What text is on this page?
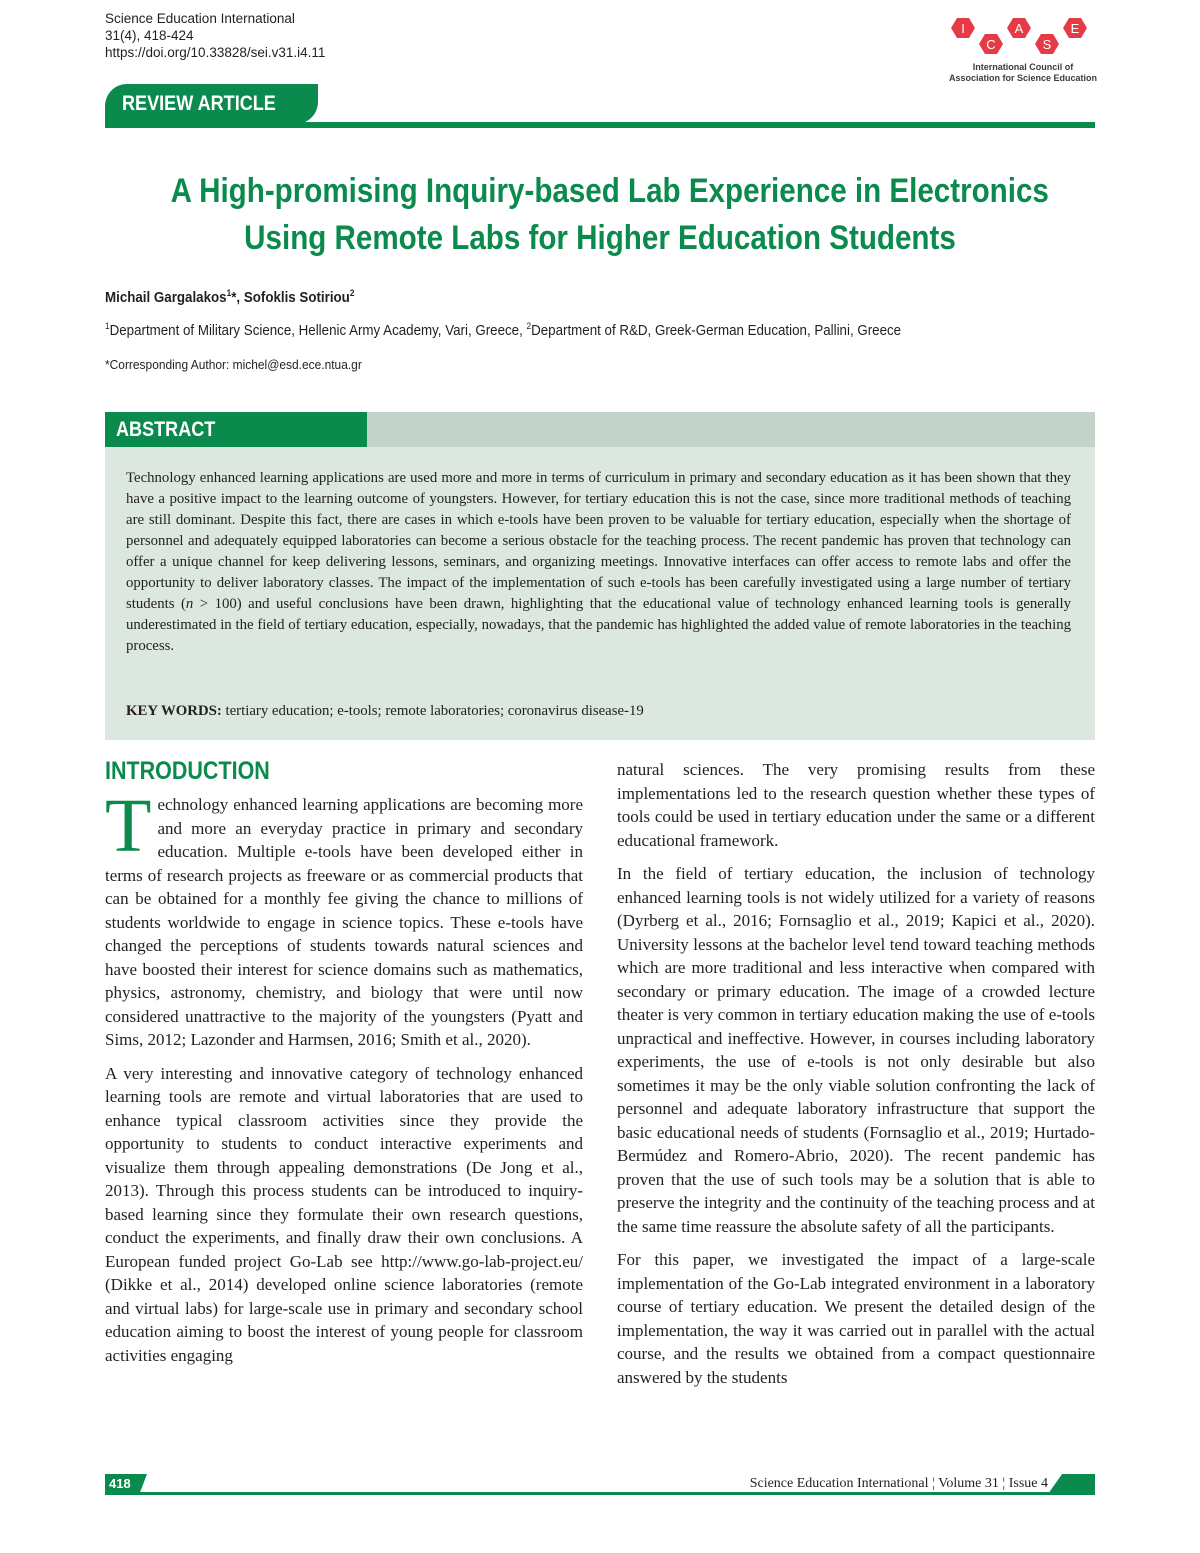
Science Education International
31(4), 418-424
https://doi.org/10.33828/sei.v31.i4.11
I
C
A
S
E
International Council of
Association for Science Education
REVIEW ARTICLE
A High-promising Inquiry-based Lab Experience in Electronics
Using Remote Labs for Higher Education Students
Michail Gargalakos$^1$*, Sofoklis Sotiriou$^2$
$^1$Department of Military Science, Hellenic Army Academy, Vari, Greece, $^2$Department of R&D, Greek-German Education, Pallini, Greece
*Corresponding Author: michel@esd.ece.ntua.gr
ABSTRACT
Technology enhanced learning applications are used more and more in terms of curriculum in primary and secondary education as it has been shown that they have a positive impact to the learning outcome of youngsters. However, for tertiary education this is not the case, since more traditional methods of teaching are still dominant. Despite this fact, there are cases in which e-tools have been proven to be valuable for tertiary education, especially when the shortage of personnel and adequately equipped laboratories can become a serious obstacle for the teaching process. The recent pandemic has proven that technology can offer a unique channel for keep delivering lessons, seminars, and organizing meetings. Innovative interfaces can offer access to remote labs and offer the opportunity to deliver laboratory classes. The impact of the implementation of such e-tools has been carefully investigated using a large number of tertiary students (n > 100) and useful conclusions have been drawn, highlighting that the educational value of technology enhanced learning tools is generally underestimated in the field of tertiary education, especially, nowadays, that the pandemic has highlighted the added value of remote laboratories in the teaching process.
KEY WORDS: tertiary education; e-tools; remote laboratories; coronavirus disease-19
INTRODUCTION

Technology enhanced learning applications are becoming more and more an everyday practice in primary and secondary education. Multiple e-tools have been developed either in terms of research projects as freeware or as commercial products that can be obtained for a monthly fee giving the chance to millions of students worldwide to engage in science topics. These e-tools have changed the perceptions of students towards natural sciences and have boosted their interest for science domains such as mathematics, physics, astronomy, chemistry, and biology that were until now considered unattractive to the majority of the youngsters (Pyatt and Sims, 2012; Lazonder and Harmsen, 2016; Smith et al., 2020).

A very interesting and innovative category of technology enhanced learning tools are remote and virtual laboratories that are used to enhance typical classroom activities since they provide the opportunity to students to conduct interactive experiments and visualize them through appealing demonstrations (De Jong et al., 2013). Through this process students can be introduced to inquiry-based learning since they formulate their own research questions, conduct the experiments, and finally draw their own conclusions. A European funded project Go-Lab see http://www.go-lab-project.eu/ (Dikke et al., 2014) developed online science laboratories (remote and virtual labs) for large-scale use in primary and secondary school education aiming to boost the interest of young people for classroom activities engaging

natural sciences. The very promising results from these implementations led to the research question whether these types of tools could be used in tertiary education under the same or a different educational framework.

In the field of tertiary education, the inclusion of technology enhanced learning tools is not widely utilized for a variety of reasons (Dyrberg et al., 2016; Fornsaglio et al., 2019; Kapici et al., 2020). University lessons at the bachelor level tend toward teaching methods which are more traditional and less interactive when compared with secondary or primary education. The image of a crowded lecture theater is very common in tertiary education making the use of e-tools unpractical and ineffective. However, in courses including laboratory experiments, the use of e-tools is not only desirable but also sometimes it may be the only viable solution confronting the lack of personnel and adequate laboratory infrastructure that support the basic educational needs of students (Fornsaglio et al., 2019; Hurtado-Bermúdez and Romero-Abrio, 2020). The recent pandemic has proven that the use of such tools may be a solution that is able to preserve the integrity and the continuity of the teaching process and at the same time reassure the absolute safety of all the participants.

For this paper, we investigated the impact of a large-scale implementation of the Go-Lab integrated environment in a laboratory course of tertiary education. We present the detailed design of the implementation, the way it was carried out in parallel with the actual course, and the results we obtained from a compact questionnaire answered by the students

418	Science Education International ¦ Volume 31 ¦ Issue 4
